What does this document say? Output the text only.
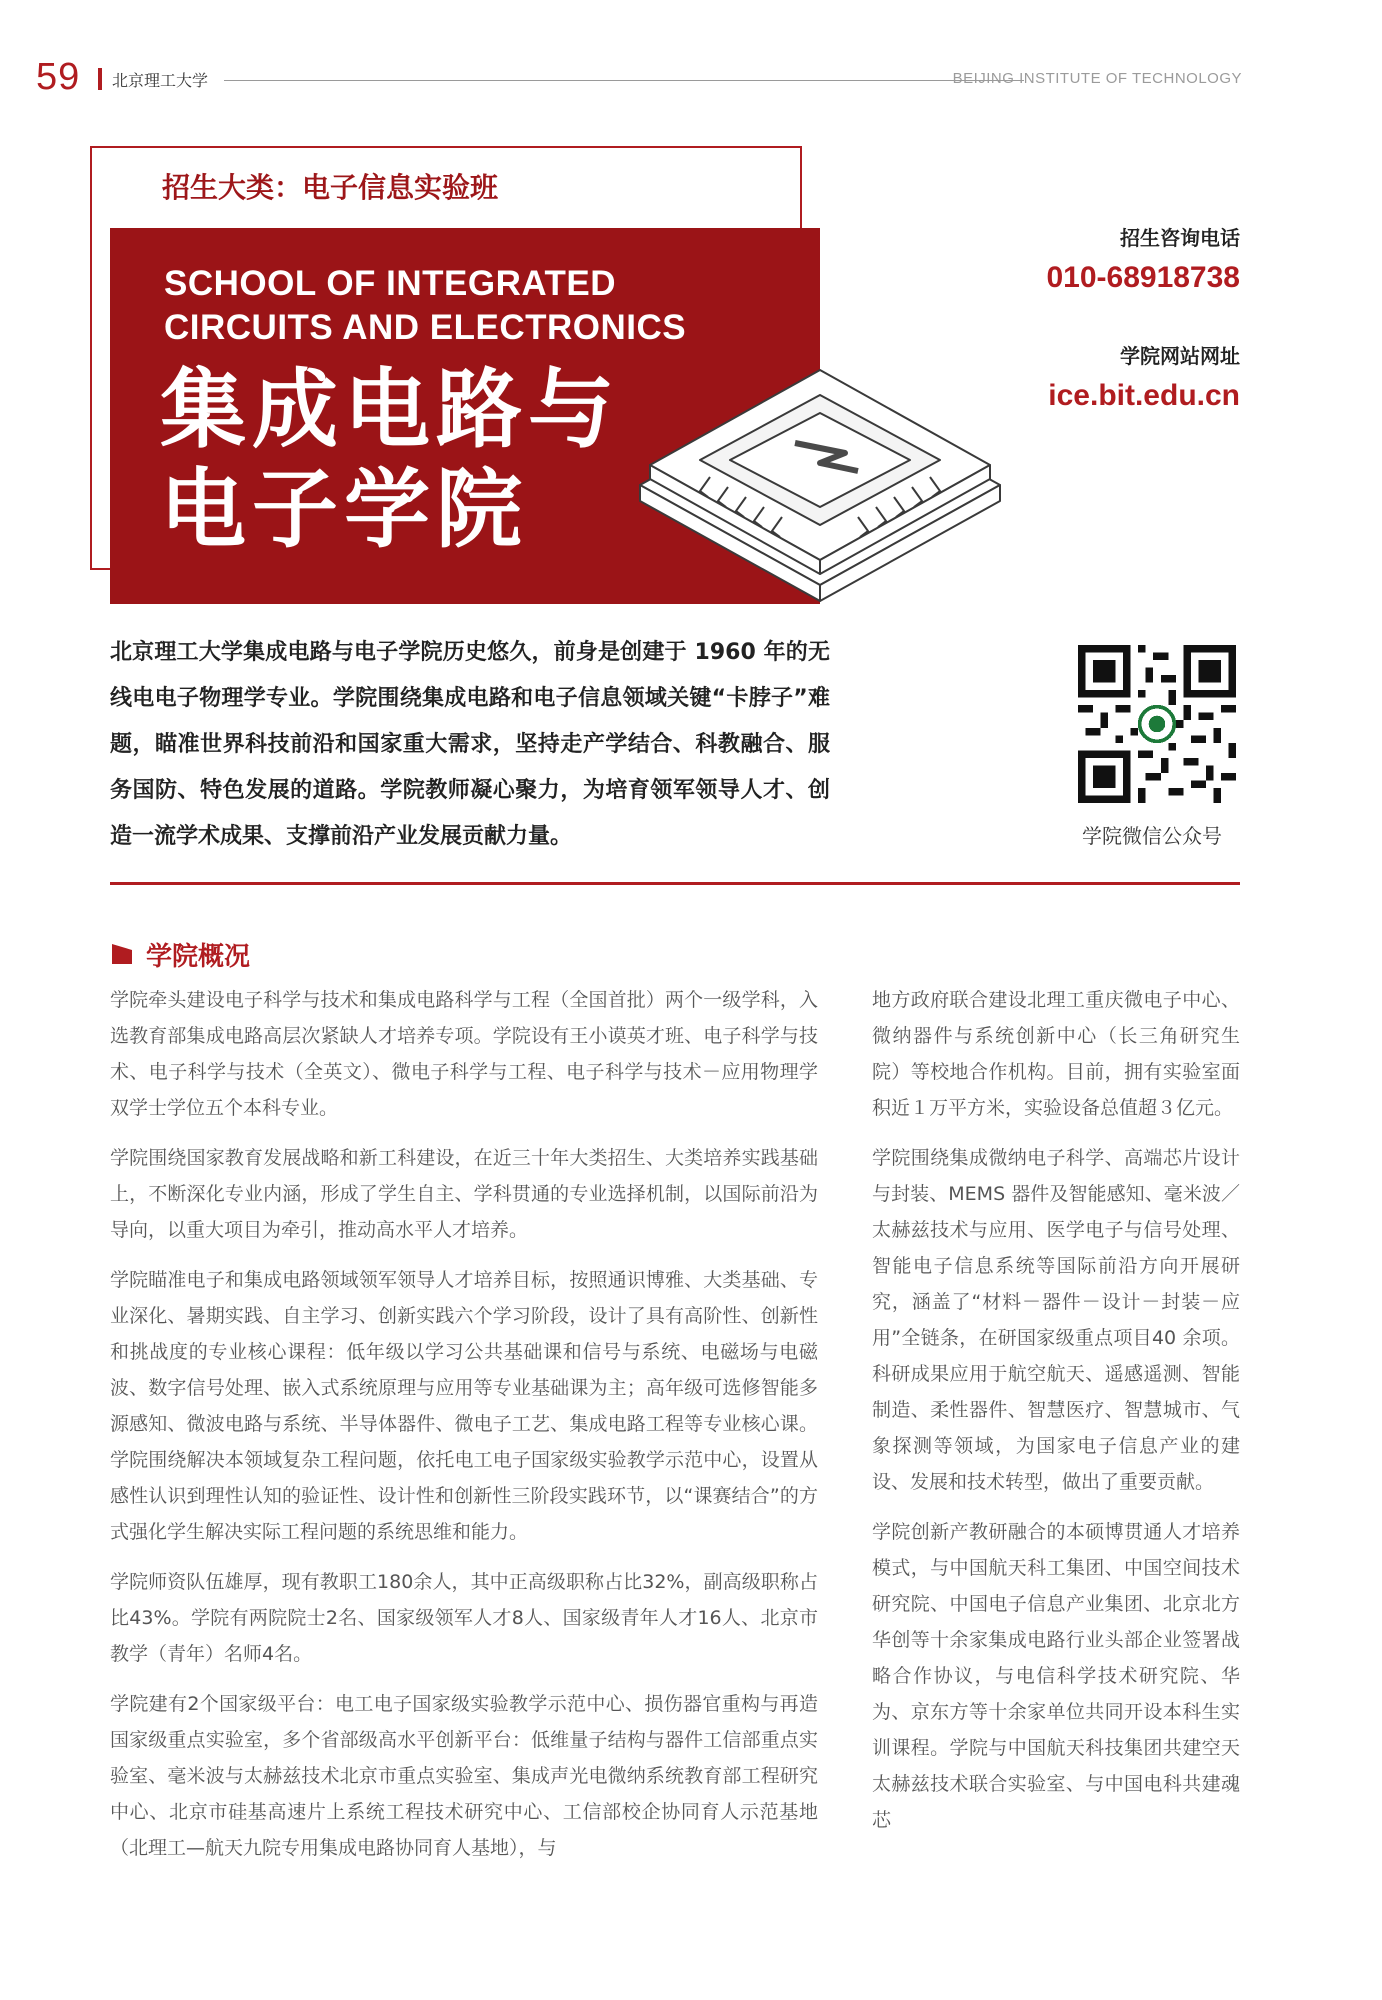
59 北京理工大学	BEIJING INSTITUTE OF TECHNOLOGY
招生大类：电子信息实验班
SCHOOL OF INTEGRATED
CIRCUITS AND ELECTRONICS
集成电路与
电子学院
招生咨询电话
010-68918738
学院网站网址
ice.bit.edu.cn
北京理工大学集成电路与电子学院历史悠久，前身是创建于 1960 年的无线电电子物理学专业。学院围绕集成电路和电子信息领域关键“卡脖子”难题，瞄准世界科技前沿和国家重大需求，坚持走产学结合、科教融合、服务国防、特色发展的道路。学院教师凝心聚力，为培育领军领导人才、创造一流学术成果、支撑前沿产业发展贡献力量。	学院微信公众号
学院概况

学院牵头建设电子科学与技术和集成电路科学与工程（全国首批）两个一级学科，入选教育部集成电路高层次紧缺人才培养专项。学院设有王小谟英才班、电子科学与技术、电子科学与技术（全英文）、微电子科学与工程、电子科学与技术－应用物理学双学士学位五个本科专业。

学院围绕国家教育发展战略和新工科建设，在近三十年大类招生、大类培养实践基础上，不断深化专业内涵，形成了学生自主、学科贯通的专业选择机制，以国际前沿为导向，以重大项目为牵引，推动高水平人才培养。

学院瞄准电子和集成电路领域领军领导人才培养目标，按照通识博雅、大类基础、专业深化、暑期实践、自主学习、创新实践六个学习阶段，设计了具有高阶性、创新性和挑战度的专业核心课程：低年级以学习公共基础课和信号与系统、电磁场与电磁波、数字信号处理、嵌入式系统原理与应用等专业基础课为主；高年级可选修智能多源感知、微波电路与系统、半导体器件、微电子工艺、集成电路工程等专业核心课。学院围绕解决本领域复杂工程问题，依托电工电子国家级实验教学示范中心，设置从感性认识到理性认知的验证性、设计性和创新性三阶段实践环节，以“课赛结合”的方式强化学生解决实际工程问题的系统思维和能力。

学院师资队伍雄厚，现有教职工180余人，其中正高级职称占比32%，副高级职称占比43%。学院有两院院士2名、国家级领军人才8人、国家级青年人才16人、北京市教学（青年）名师4名。

学院建有2个国家级平台：电工电子国家级实验教学示范中心、损伤器官重构与再造国家级重点实验室，多个省部级高水平创新平台：低维量子结构与器件工信部重点实验室、毫米波与太赫兹技术北京市重点实验室、集成声光电微纳系统教育部工程研究中心、北京市硅基高速片上系统工程技术研究中心、工信部校企协同育人示范基地（北理工—航天九院专用集成电路协同育人基地），与

地方政府联合建设北理工重庆微电子中心、微纳器件与系统创新中心（长三角研究生院）等校地合作机构。目前，拥有实验室面积近１万平方米，实验设备总值超３亿元。

学院围绕集成微纳电子科学、高端芯片设计与封装、MEMS 器件及智能感知、毫米波／太赫兹技术与应用、医学电子与信号处理、智能电子信息系统等国际前沿方向开展研究，涵盖了“材料－器件－设计－封装－应用”全链条，在研国家级重点项目40 余项。科研成果应用于航空航天、遥感遥测、智能制造、柔性器件、智慧医疗、智慧城市、气象探测等领域，为国家电子信息产业的建设、发展和技术转型，做出了重要贡献。

学院创新产教研融合的本硕博贯通人才培养模式，与中国航天科工集团、中国空间技术研究院、中国电子信息产业集团、北京北方华创等十余家集成电路行业头部企业签署战略合作协议，与电信科学技术研究院、华为、京东方等十余家单位共同开设本科生实训课程。学院与中国航天科技集团共建空天太赫兹技术联合实验室、与中国电科共建魂芯
